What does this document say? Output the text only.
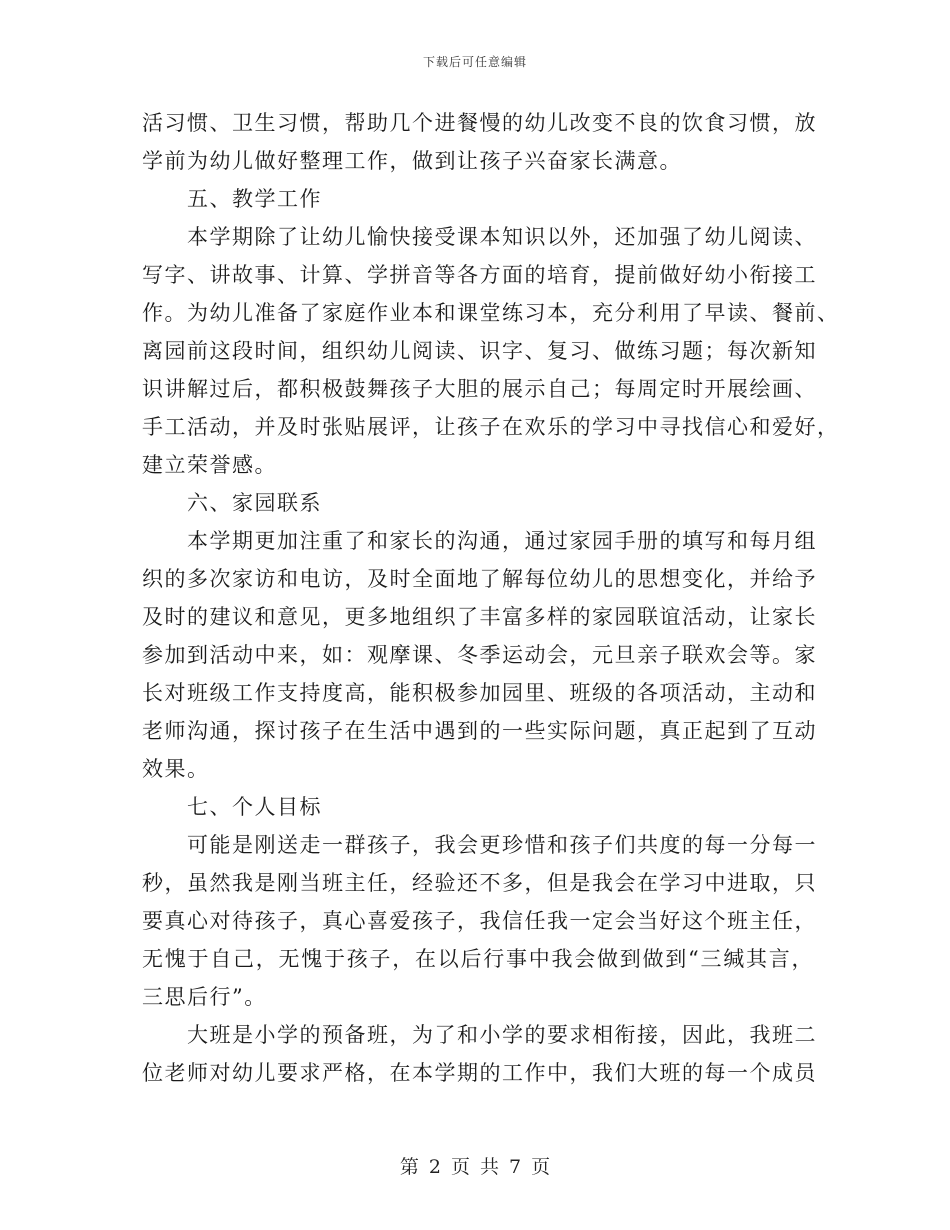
下载后可任意编辑
活习惯、卫生习惯，帮助几个进餐慢的幼儿改变不良的饮食习惯，放
学前为幼儿做好整理工作，做到让孩子兴奋家长满意。
五、教学工作
本学期除了让幼儿愉快接受课本知识以外，还加强了幼儿阅读、
写字、讲故事、计算、学拼音等各方面的培育，提前做好幼小衔接工
作。为幼儿准备了家庭作业本和课堂练习本，充分利用了早读、餐前、
离园前这段时间，组织幼儿阅读、识字、复习、做练习题；每次新知
识讲解过后，都积极鼓舞孩子大胆的展示自己；每周定时开展绘画、
手工活动，并及时张贴展评，让孩子在欢乐的学习中寻找信心和爱好，
建立荣誉感。
六、家园联系
本学期更加注重了和家长的沟通，通过家园手册的填写和每月组
织的多次家访和电访，及时全面地了解每位幼儿的思想变化，并给予
及时的建议和意见，更多地组织了丰富多样的家园联谊活动，让家长
参加到活动中来，如：观摩课、冬季运动会，元旦亲子联欢会等。家
长对班级工作支持度高，能积极参加园里、班级的各项活动，主动和
老师沟通，探讨孩子在生活中遇到的一些实际问题，真正起到了互动
效果。
七、个人目标
可能是刚送走一群孩子，我会更珍惜和孩子们共度的每一分每一
秒，虽然我是刚当班主任，经验还不多，但是我会在学习中进取，只
要真心对待孩子，真心喜爱孩子，我信任我一定会当好这个班主任，
无愧于自己，无愧于孩子，在以后行事中我会做到做到“三缄其言，
三思后行”。
大班是小学的预备班，为了和小学的要求相衔接，因此，我班二
位老师对幼儿要求严格，在本学期的工作中，我们大班的每一个成员
第 2 页 共 7 页
